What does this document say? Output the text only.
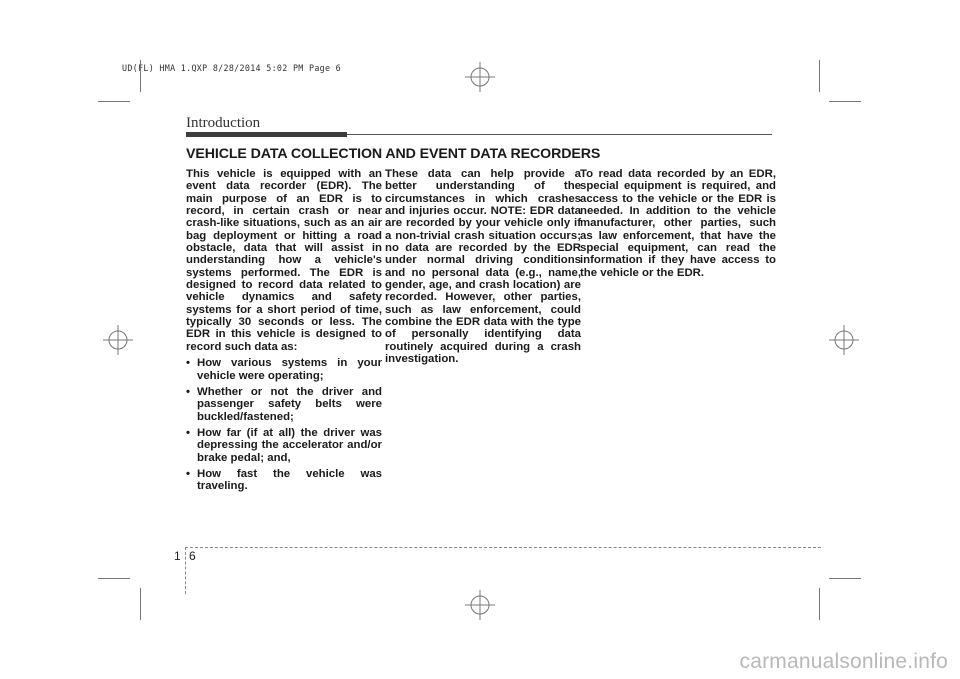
UD(FL) HMA 1.QXP 8/28/2014 5:02 PM Page 6
Introduction
VEHICLE DATA COLLECTION AND EVENT DATA RECORDERS

This vehicle is equipped with an event data recorder (EDR). The main purpose of an EDR is to record, in certain crash or near crash-like situations, such as an air bag deployment or hitting a road obstacle, data that will assist in understanding how a vehicle's systems performed. The EDR is designed to record data related to vehicle dynamics and safety systems for a short period of time, typically 30 seconds or less. The EDR in this vehicle is designed to record such data as:

• How various systems in your vehicle were operating;
• Whether or not the driver and passenger safety belts were buckled/fastened;
• How far (if at all) the driver was depressing the accelerator and/or brake pedal; and,
• How fast the vehicle was traveling.

These data can help provide a better understanding of the circumstances in which crashes and injuries occur. NOTE: EDR data are recorded by your vehicle only if a non-trivial crash situation occurs; no data are recorded by the EDR under normal driving conditions and no personal data (e.g., name, gender, age, and crash location) are recorded. However, other parties, such as law enforcement, could combine the EDR data with the type of personally identifying data routinely acquired during a crash investigation.

To read data recorded by an EDR, special equipment is required, and access to the vehicle or the EDR is needed. In addition to the vehicle manufacturer, other parties, such as law enforcement, that have the special equipment, can read the information if they have access to the vehicle or the EDR.

1 6
carmanualsonline.info
